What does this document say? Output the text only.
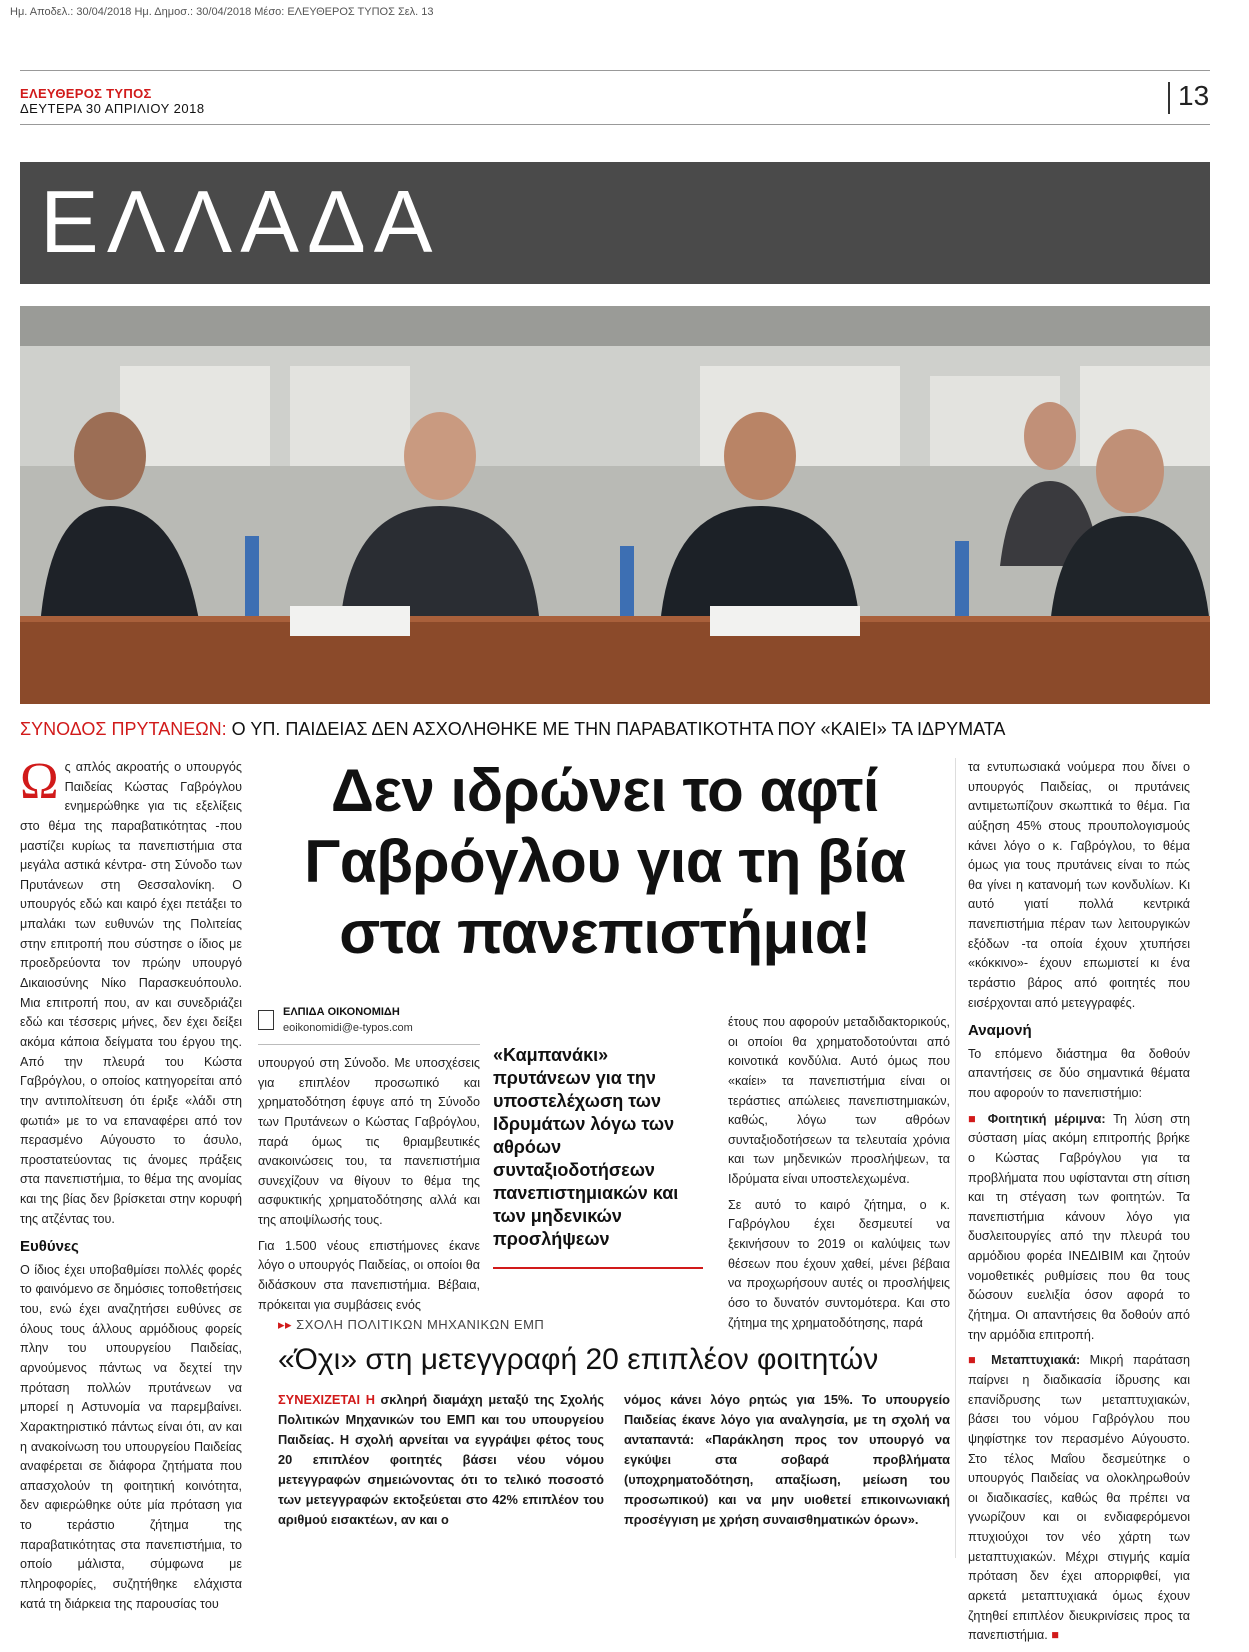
Ημ. Αποδελ.: 30/04/2018 Ημ. Δημοσ.: 30/04/2018 Μέσο: ΕΛΕΥΘΕΡΟΣ ΤΥΠΟΣ Σελ. 13
ΕΛΕΥΘΕΡΟΣ ΤΥΠΟΣ
ΔΕΥΤΕΡΑ 30 ΑΠΡΙΛΙΟΥ 2018	13
ΕΛΛΑΔΑ
ΣΥΝΟΔΟΣ ΠΡΥΤΑΝΕΩΝ: Ο ΥΠ. ΠΑΙΔΕΙΑΣ ΔΕΝ ΑΣΧΟΛΗΘΗΚΕ ΜΕ ΤΗΝ ΠΑΡΑΒΑΤΙΚΟΤΗΤΑ ΠΟΥ «ΚΑΙΕΙ» ΤΑ ΙΔΡΥΜΑΤΑ

Ως απλός ακροατής ο υπουργός Παιδείας Κώστας Γαβρόγλου ενημερώθηκε για τις εξελίξεις στο θέμα της παραβατικότητας -που μαστίζει κυρίως τα πανεπιστήμια στα μεγάλα αστικά κέντρα- στη Σύνοδο των Πρυτάνεων στη Θεσσαλονίκη. Ο υπουργός εδώ και καιρό έχει πετάξει το μπαλάκι των ευθυνών της Πολιτείας στην επιτροπή που σύστησε ο ίδιος με προεδρεύοντα τον πρώην υπουργό Δικαιοσύνης Νίκο Παρασκευόπουλο. Μια επιτροπή που, αν και συνεδριάζει εδώ και τέσσερις μήνες, δεν έχει δείξει ακόμα κάποια δείγματα του έργου της. Από την πλευρά του Κώστα Γαβρόγλου, ο οποίος κατηγορείται από την αντιπολίτευση ότι έριξε «λάδι στη φωτιά» με το να επαναφέρει από τον περασμένο Αύγουστο το άσυλο, προστατεύοντας τις άνομες πράξεις στα πανεπιστήμια, το θέμα της ανομίας και της βίας δεν βρίσκεται στην κορυφή της ατζέντας του.

Ευθύνες

Ο ίδιος έχει υποβαθμίσει πολλές φορές το φαινόμενο σε δημόσιες τοποθετήσεις του, ενώ έχει αναζητήσει ευθύνες σε όλους τους άλλους αρμόδιους φορείς πλην του υπουργείου Παιδείας, αρνούμενος πάντως να δεχτεί την πρόταση πολλών πρυτάνεων να μπορεί η Αστυνομία να παρεμβαίνει. Χαρακτηριστικό πάντως είναι ότι, αν και η ανακοίνωση του υπουργείου Παιδείας αναφέρεται σε διάφορα ζητήματα που απασχολούν τη φοιτητική κοινότητα, δεν αφιερώθηκε ούτε μία πρόταση για το τεράστιο ζήτημα της παραβατικότητας στα πανεπιστήμια, το οποίο μάλιστα, σύμφωνα με πληροφορίες, συζητήθηκε ελάχιστα κατά τη διάρκεια της παρουσίας του

Δεν ιδρώνει το αφτί Γαβρόγλου για τη βία στα πανεπιστήμια!
ΕΛΠΙΔΑ ΟΙΚΟΝΟΜΙΔΗ
eoikonomidi@e-typos.com

υπουργού στη Σύνοδο. Με υποσχέσεις για επιπλέον προσωπικό και χρηματοδότηση έφυγε από τη Σύνοδο των Πρυτάνεων ο Κώστας Γαβρόγλου, παρά όμως τις θριαμβευτικές ανακοινώσεις του, τα πανεπιστήμια συνεχίζουν να θίγουν το θέμα της ασφυκτικής χρηματοδότησης αλλά και της αποψίλωσής τους.

Για 1.500 νέους επιστήμονες έκανε λόγο ο υπουργός Παιδείας, οι οποίοι θα διδάσκουν στα πανεπιστήμια. Βέβαια, πρόκειται για συμβάσεις ενός

«Καμπανάκι» πρυτάνεων για την υποστελέχωση των Ιδρυμάτων λόγω των αθρόων συνταξιοδοτήσεων πανεπιστημιακών και των μηδενικών προσλήψεων

έτους που αφορούν μεταδιδακτορικούς, οι οποίοι θα χρηματοδοτούνται από κοινοτικά κονδύλια. Αυτό όμως που «καίει» τα πανεπιστήμια είναι οι τεράστιες απώλειες πανεπιστημιακών, καθώς, λόγω των αθρόων συνταξιοδοτήσεων τα τελευταία χρόνια και των μηδενικών προσλήψεων, τα Ιδρύματα είναι υποστελεχωμένα.

Σε αυτό το καιρό ζήτημα, ο κ. Γαβρόγλου έχει δεσμευτεί να ξεκινήσουν το 2019 οι καλύψεις των θέσεων που έχουν χαθεί, μένει βέβαια να προχωρήσουν αυτές οι προσλήψεις όσο το δυνατόν συντομότερα. Και στο ζήτημα της χρηματοδότησης, παρά

τα εντυπωσιακά νούμερα που δίνει ο υπουργός Παιδείας, οι πρυτάνεις αντιμετωπίζουν σκωπτικά το θέμα. Για αύξηση 45% στους προυπολογισμούς κάνει λόγο ο κ. Γαβρόγλου, το θέμα όμως για τους πρυτάνεις είναι το πώς θα γίνει η κατανομή των κονδυλίων. Κι αυτό γιατί πολλά κεντρικά πανεπιστήμια πέραν των λειτουργικών εξόδων -τα οποία έχουν χτυπήσει «κόκκινο»- έχουν επωμιστεί κι ένα τεράστιο βάρος από φοιτητές που εισέρχονται από μετεγγραφές.

Αναμονή

Το επόμενο διάστημα θα δοθούν απαντήσεις σε δύο σημαντικά θέματα που αφορούν το πανεπιστήμιο:

■ Φοιτητική μέριμνα: Τη λύση στη σύσταση μίας ακόμη επιτροπής βρήκε ο Κώστας Γαβρόγλου για τα προβλήματα που υφίστανται στη σίτιση και τη στέγαση των φοιτητών. Τα πανεπιστήμια κάνουν λόγο για δυσλειτουργίες από την πλευρά του αρμόδιου φορέα ΙΝΕΔΙΒΙΜ και ζητούν νομοθετικές ρυθμίσεις που θα τους δώσουν ευελιξία όσον αφορά το ζήτημα. Οι απαντήσεις θα δοθούν από την αρμόδια επιτροπή.

■ Μεταπτυχιακά: Μικρή παράταση παίρνει η διαδικασία ίδρυσης και επανίδρυσης των μεταπτυχιακών, βάσει του νόμου Γαβρόγλου που ψηφίστηκε τον περασμένο Αύγουστο. Στο τέλος Μαΐου δεσμεύτηκε ο υπουργός Παιδείας να ολοκληρωθούν οι διαδικασίες, καθώς θα πρέπει να γνωρίζουν και οι ενδιαφερόμενοι πτυχιούχοι τον νέο χάρτη των μεταπτυχιακών. Μέχρι στιγμής καμία πρόταση δεν έχει απορριφθεί, για αρκετά μεταπτυχιακά όμως έχουν ζητηθεί επιπλέον διευκρινίσεις προς τα πανεπιστήμια. ■

▸▸ ΣΧΟΛΗ ΠΟΛΙΤΙΚΩΝ ΜΗΧΑΝΙΚΩΝ ΕΜΠ
«Όχι» στη μετεγγραφή 20 επιπλέον φοιτητών
ΣΥΝΕΧΙΖΕΤΑΙ Η σκληρή διαμάχη μεταξύ της Σχολής Πολιτικών Μηχανικών του ΕΜΠ και του υπουργείου Παιδείας. Η σχολή αρνείται να εγγράψει φέτος τους 20 επιπλέον φοιτητές βάσει νέου νόμου μετεγγραφών σημειώνοντας ότι το τελικό ποσοστό των μετεγγραφών εκτοξεύεται στο 42% επιπλέον του αριθμού εισακτέων, αν και ο
νόμος κάνει λόγο ρητώς για 15%. Το υπουργείο Παιδείας έκανε λόγο για αναλγησία, με τη σχολή να ανταπαντά: «Παράκληση προς τον υπουργό να εγκύψει στα σοβαρά προβλήματα (υποχρηματοδότηση, απαξίωση, μείωση του προσωπικού) και να μην υιοθετεί επικοινωνιακή προσέγγιση με χρήση συναισθηματικών όρων».
